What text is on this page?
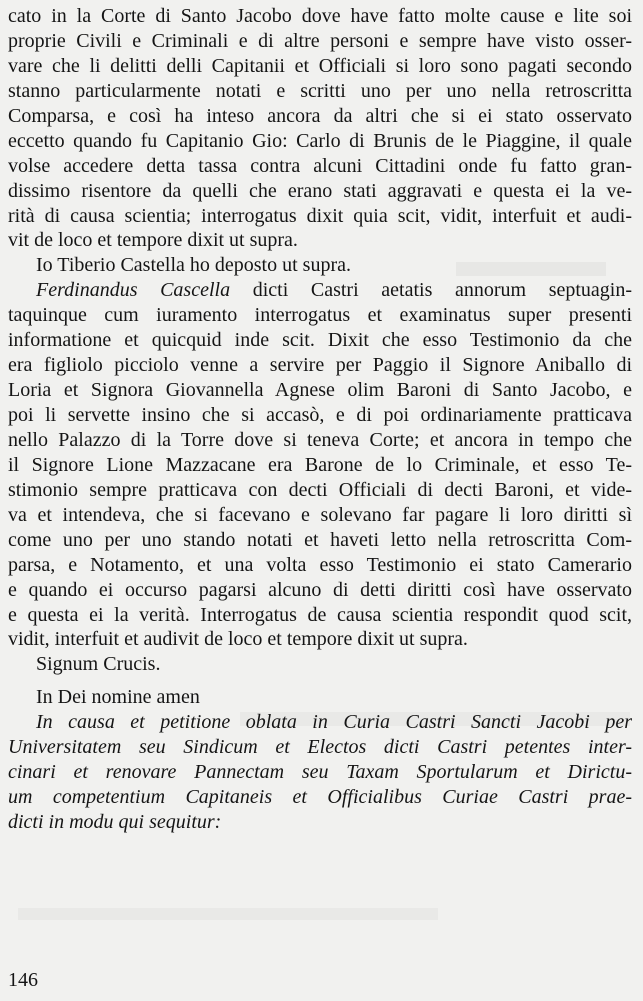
cato in la Corte di Santo Jacobo dove have fatto molte cause e lite soi
proprie Civili e Criminali e di altre personi e sempre have visto osser-
vare che li delitti delli Capitanii et Officiali si loro sono pagati secondo
stanno particularmente notati e scritti uno per uno nella retroscritta
Comparsa, e così ha inteso ancora da altri che si ei stato osservato
eccetto quando fu Capitanio Gio: Carlo di Brunis de le Piaggine, il quale
volse accedere detta tassa contra alcuni Cittadini onde fu fatto gran-
dissimo risentore da quelli che erano stati aggravati e questa ei la ve-
rità di causa scientia; interrogatus dixit quia scit, vidit, interfuit et audi-
vit de loco et tempore dixit ut supra.
Io Tiberio Castella ho deposto ut supra.
Ferdinandus Cascella dicti Castri aetatis annorum septuagin-
taquinque cum iuramento interrogatus et examinatus super presenti
informatione et quicquid inde scit. Dixit che esso Testimonio da che
era figliolo picciolo venne a servire per Paggio il Signore Aniballo di
Loria et Signora Giovannella Agnese olim Baroni di Santo Jacobo, e
poi li servette insino che si accasò, e di poi ordinariamente pratticava
nello Palazzo di la Torre dove si teneva Corte; et ancora in tempo che
il Signore Lione Mazzacane era Barone de lo Criminale, et esso Te-
stimonio sempre pratticava con decti Officiali di decti Baroni, et vide-
va et intendeva, che si facevano e solevano far pagare li loro diritti sì
come uno per uno stando notati et haveti letto nella retroscritta Com-
parsa, e Notamento, et una volta esso Testimonio ei stato Camerario
e quando ei occurso pagarsi alcuno di detti diritti così have osservato
e questa ei la verità. Interrogatus de causa scientia respondit quod scit,
vidit, interfuit et audivit de loco et tempore dixit ut supra.
Signum Crucis.
In Dei nomine amen
In causa et petitione oblata in Curia Castri Sancti Jacobi per
Universitatem seu Sindicum et Electos dicti Castri petentes inter-
cinari et renovare Pannectam seu Taxam Sportularum et Dirictu-
um competentium Capitaneis et Officialibus Curiae Castri prae-
dicti in modu qui sequitur:
146
